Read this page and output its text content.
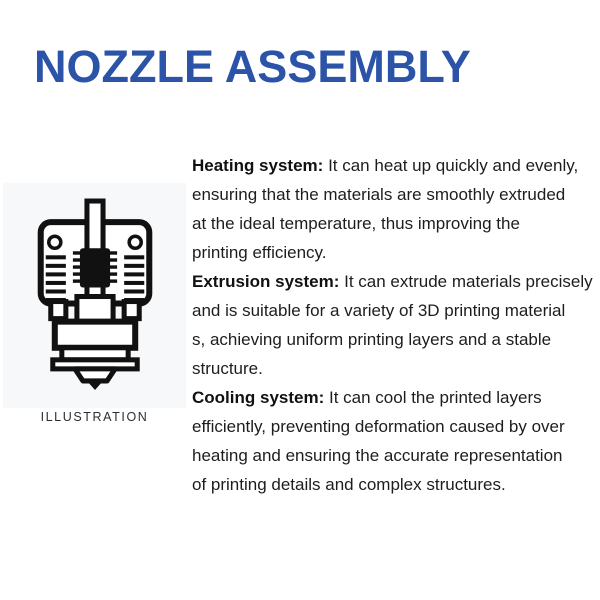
NOZZLE ASSEMBLY
ILLUSTRATION
Heating system: It can heat up quickly and evenly,
ensuring that the materials are smoothly extruded
at the ideal temperature, thus improving the
printing efficiency.
Extrusion system: It can extrude materials precisely
and is suitable for a variety of 3D printing material
s, achieving uniform printing layers and a stable
structure.
Cooling system: It can cool the printed layers
efficiently, preventing deformation caused by over
heating and ensuring the accurate representation
of printing details and complex structures.
